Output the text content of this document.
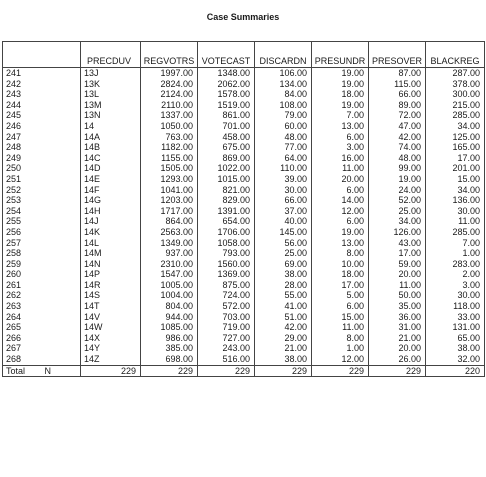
Case Summaries
		PRECDUV	REGVOTRS	VOTECAST	DISCARDN	PRESUNDR	PRESOVER	BLACKREG
241		13J	1997.00	1348.00	106.00	19.00	87.00	287.00
242		13K	2824.00	2062.00	134.00	19.00	115.00	378.00
243		13L	2124.00	1578.00	84.00	18.00	66.00	300.00
244		13M	2110.00	1519.00	108.00	19.00	89.00	215.00
245		13N	1337.00	861.00	79.00	7.00	72.00	285.00
246		14	1050.00	701.00	60.00	13.00	47.00	34.00
247		14A	763.00	458.00	48.00	6.00	42.00	125.00
248		14B	1182.00	675.00	77.00	3.00	74.00	165.00
249		14C	1155.00	869.00	64.00	16.00	48.00	17.00
250		14D	1505.00	1022.00	110.00	11.00	99.00	201.00
251		14E	1293.00	1015.00	39.00	20.00	19.00	15.00
252		14F	1041.00	821.00	30.00	6.00	24.00	34.00
253		14G	1203.00	829.00	66.00	14.00	52.00	136.00
254		14H	1717.00	1391.00	37.00	12.00	25.00	30.00
255		14J	864.00	654.00	40.00	6.00	34.00	11.00
256		14K	2563.00	1706.00	145.00	19.00	126.00	285.00
257		14L	1349.00	1058.00	56.00	13.00	43.00	7.00
258		14M	937.00	793.00	25.00	8.00	17.00	1.00
259		14N	2310.00	1560.00	69.00	10.00	59.00	283.00
260		14P	1547.00	1369.00	38.00	18.00	20.00	2.00
261		14R	1005.00	875.00	28.00	17.00	11.00	3.00
262		14S	1004.00	724.00	55.00	5.00	50.00	30.00
263		14T	804.00	572.00	41.00	6.00	35.00	118.00
264		14V	944.00	703.00	51.00	15.00	36.00	33.00
265		14W	1085.00	719.00	42.00	11.00	31.00	131.00
266		14X	986.00	727.00	29.00	8.00	21.00	65.00
267		14Y	385.00	243.00	21.00	1.00	20.00	38.00
268		14Z	698.00	516.00	38.00	12.00	26.00	32.00
Total	N	229	229	229	229	229	229	220
